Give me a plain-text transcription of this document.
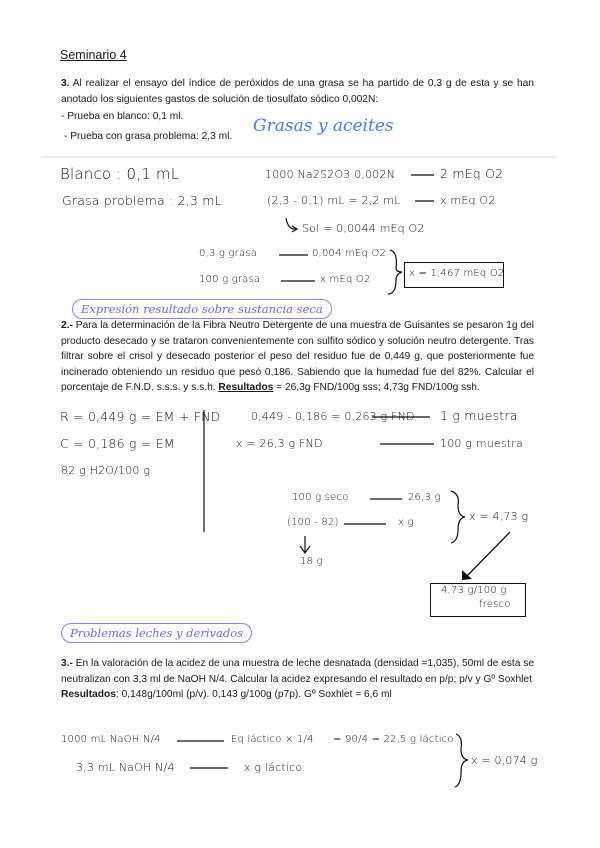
Seminario 4
3. Al realizar el ensayo del índice de peróxidos de una grasa se ha partido de 0,3 g de esta y se han anotado los siguientes gastos de solución de tiosulfato sódico 0,002N:
- Prueba en blanco: 0,1 ml.
- Prueba con grasa problema: 2,3 ml.
Grasas y aceites
Blanco : 0,1 mL
Grasa problema : 2,3 mL
1000 Na2S2O3 0,002N	2 mEq O2
(2,3 - 0,1) mL = 2,2 mL	x mEq O2
Sol = 0,0044 mEq O2
0,3 g grasa	0,004 mEq O2
100 g grasa	x mEq O2
x = 1,467 mEq O2
Expresión resultado sobre sustancia seca
2.- Para la determinación de la Fibra Neutro Detergente de una muestra de Guisantes se pesaron 1g del producto desecado y se trataron convenientemente con sulfito sódico y solución neutro detergente. Tras filtrar sobre el crisol y desecado posterior el peso del residuo fue de 0,449 g, que posteriormente fue incinerado obteniendo un residuo que pesó 0,186. Sabiendo que la humedad fue del 82%. Calcular el porcentaje de F.N.D. s.s.s. y s.s.h. Resultados = 26,3g FND/100g sss; 4,73g FND/100g ssh.
R = 0,449 g = EM + FND
C = 0,186 g = EM
82 g H2O/100 g
0,449 - 0,186 = 0,263 g FND 1 g muestra
x = 26,3 g FND	100 g muestra
100 g seco	26,3 g
(100 - 82)	x g
18 g
x = 4,73 g
4,73 g/100 g
fresco
Problemas leches y derivados
3.- En la valoración de la acidez de una muestra de leche desnatada (densidad =1,035), 50ml de esta se neutralizan con 3,3 ml de NaOH N/4. Calcular la acidez expresando el resultado en p/p; p/v y Gº Soxhlet
Resultados: 0,148g/100ml (p/v). 0,143 g/100g (p7p). Gº Soxhlet = 6,6 ml
1000 mL NaOH N/4	Eq láctico × 1/4 = 90/4 = 22,5 g láctico
3,3 mL NaOH N/4	x g láctico
x = 0,074 g
